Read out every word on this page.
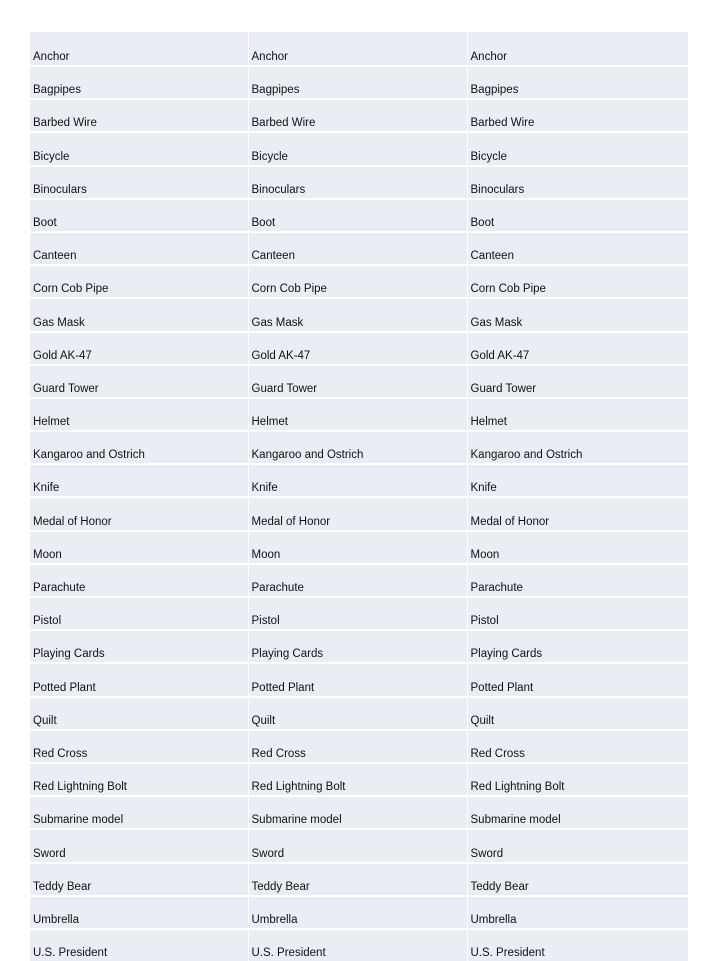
Anchor	Anchor	Anchor
Bagpipes	Bagpipes	Bagpipes
Barbed Wire	Barbed Wire	Barbed Wire
Bicycle	Bicycle	Bicycle
Binoculars	Binoculars	Binoculars
Boot	Boot	Boot
Canteen	Canteen	Canteen
Corn Cob Pipe	Corn Cob Pipe	Corn Cob Pipe
Gas Mask	Gas Mask	Gas Mask
Gold AK-47	Gold AK-47	Gold AK-47
Guard Tower	Guard Tower	Guard Tower
Helmet	Helmet	Helmet
Kangaroo and Ostrich	Kangaroo and Ostrich	Kangaroo and Ostrich
Knife	Knife	Knife
Medal of Honor	Medal of Honor	Medal of Honor
Moon	Moon	Moon
Parachute	Parachute	Parachute
Pistol	Pistol	Pistol
Playing Cards	Playing Cards	Playing Cards
Potted Plant	Potted Plant	Potted Plant
Quilt	Quilt	Quilt
Red Cross	Red Cross	Red Cross
Red Lightning Bolt	Red Lightning Bolt	Red Lightning Bolt
Submarine model	Submarine model	Submarine model
Sword	Sword	Sword
Teddy Bear	Teddy Bear	Teddy Bear
Umbrella	Umbrella	Umbrella
U.S. President	U.S. President	U.S. President
